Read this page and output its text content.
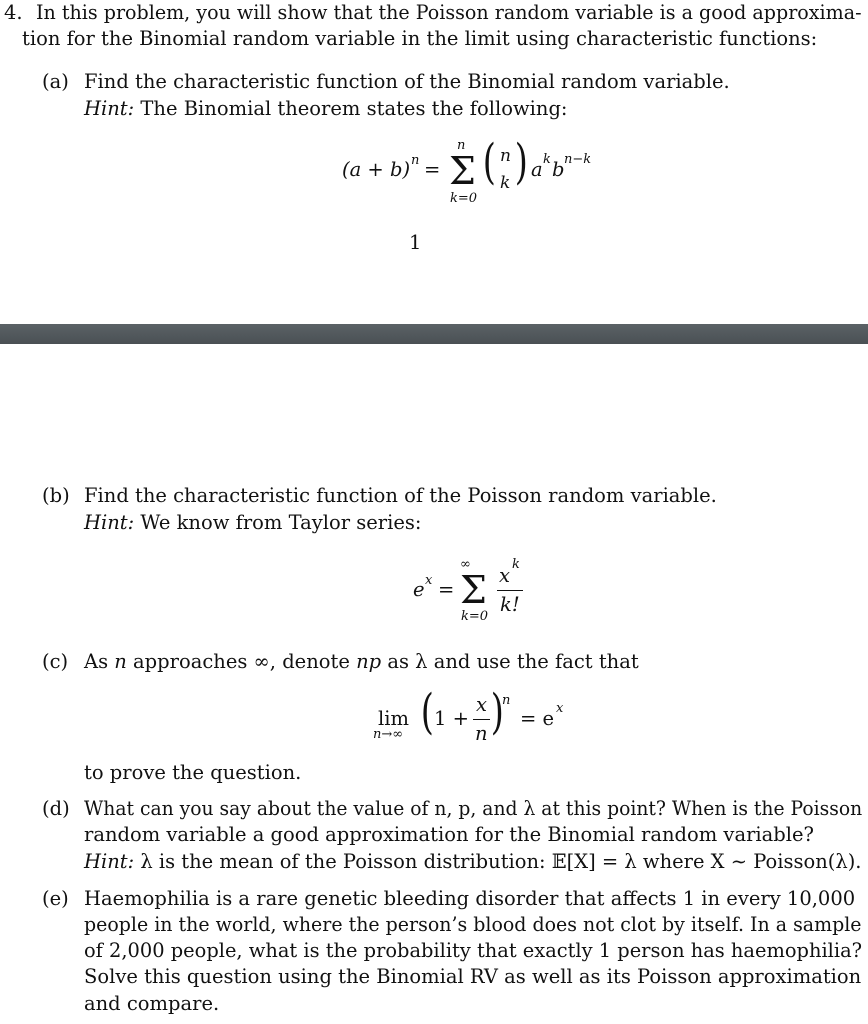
4. In this problem, you will show that the Poisson random variable is a good approxima-
tion for the Binomial random variable in the limit using characteristic functions:
(a) Find the characteristic function of the Binomial random variable.
Hint: The Binomial theorem states the following:
(a + b) n =
n
Σ
k=0
( n
k ) a k b n−k
1
(b) Find the characteristic function of the Poisson random variable.
Hint: We know from Taylor series:
e x =
∞
Σ
k=0
x k
k!
(c) As n approaches ∞, denote np as λ and use the fact that
lim
n→∞ ( 1 +
x
n )
n
= e x
to prove the question.
(d) What can you say about the value of n, p, and λ at this point? When is the Poisson
random variable a good approximation for the Binomial random variable?
Hint: λ is the mean of the Poisson distribution: 𝔼[X] = λ where X ∼ Poisson(λ).
(e) Haemophilia is a rare genetic bleeding disorder that affects 1 in every 10,000
people in the world, where the person’s blood does not clot by itself. In a sample
of 2,000 people, what is the probability that exactly 1 person has haemophilia?
Solve this question using the Binomial RV as well as its Poisson approximation
and compare.
